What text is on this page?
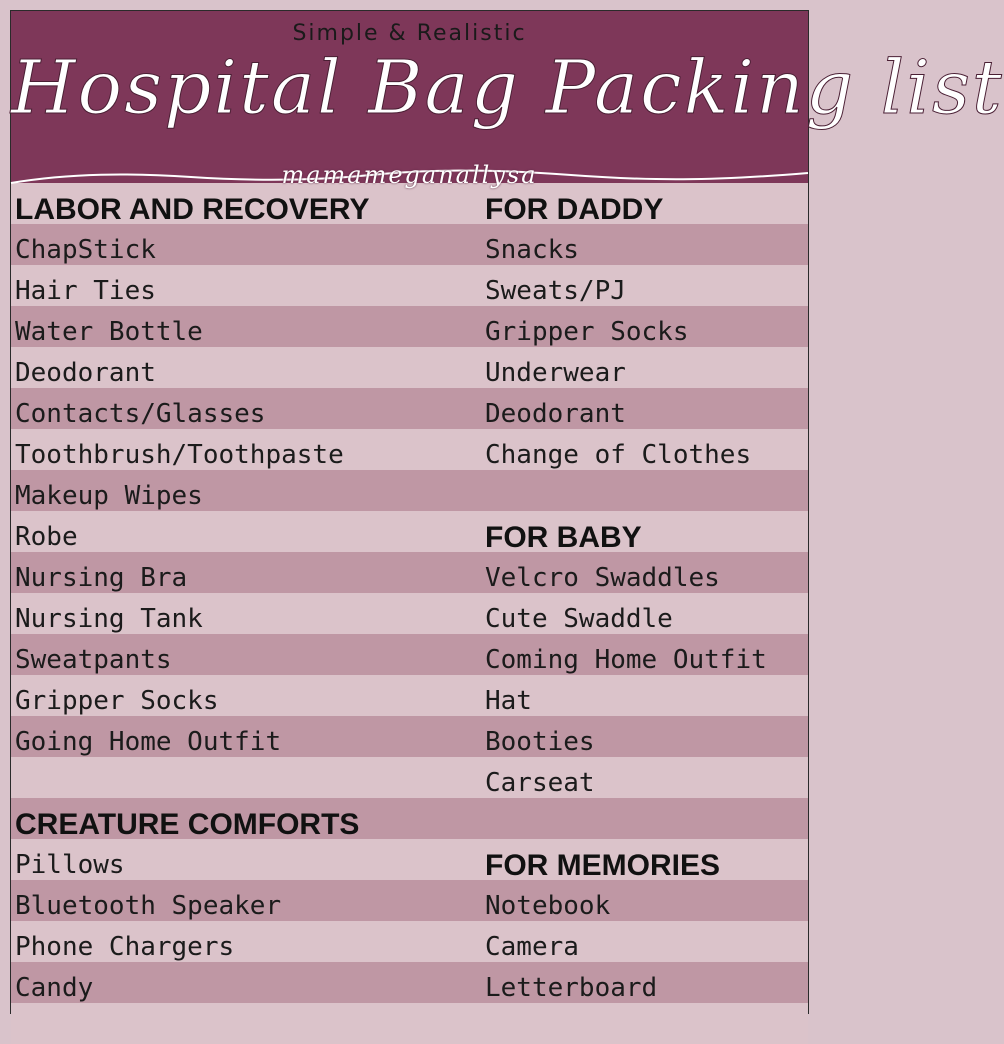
Simple & Realistic
Hospital Bag Packing list
mamameganallysa
LABOR AND RECOVERY
ChapStick
Hair Ties
Water Bottle
Deodorant
Contacts/Glasses
Toothbrush/Toothpaste
Makeup Wipes
Robe
Nursing Bra
Nursing Tank
Sweatpants
Gripper Socks
Going Home Outfit
CREATURE COMFORTS
Pillows
Bluetooth Speaker
Phone Chargers
Candy
FOR DADDY
Snacks
Sweats/PJ
Gripper Socks
Underwear
Deodorant
Change of Clothes
FOR BABY
Velcro Swaddles
Cute Swaddle
Coming Home Outfit
Hat
Booties
Carseat
FOR MEMORIES
Notebook
Camera
Letterboard
